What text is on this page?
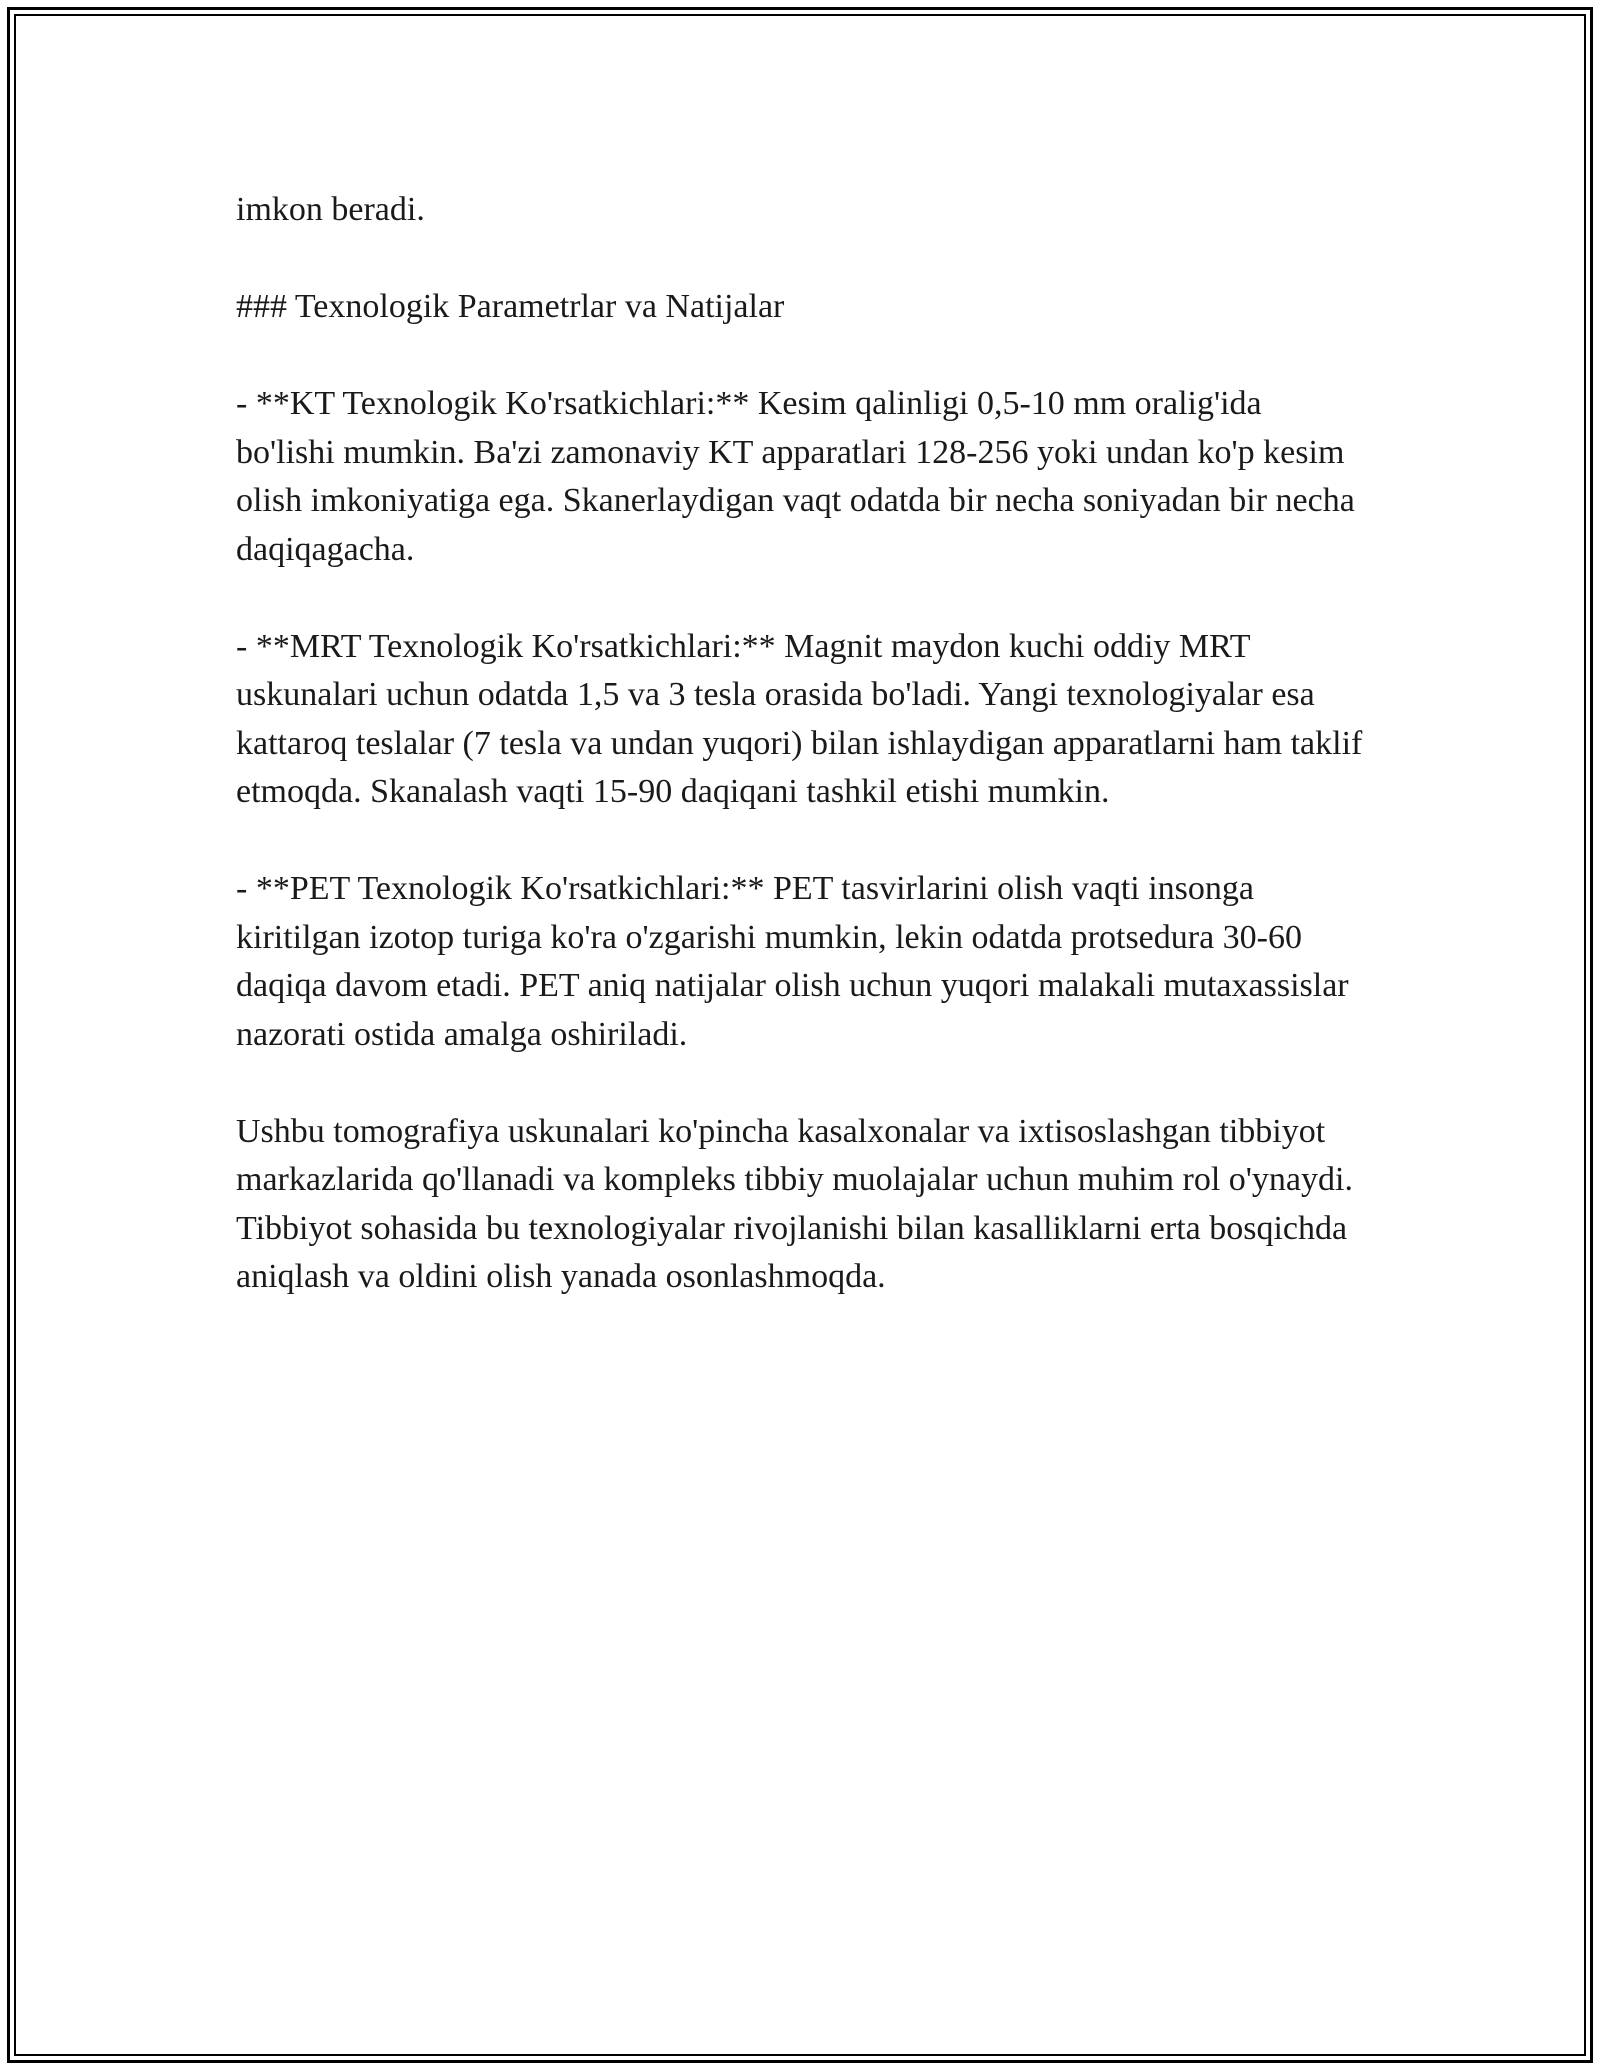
imkon beradi.

### Texnologik Parametrlar va Natijalar

- **KT Texnologik Ko'rsatkichlari:** Kesim qalinligi 0,5-10 mm oralig'ida bo'lishi mumkin. Ba'zi zamonaviy KT apparatlari 128-256 yoki undan ko'p kesim olish imkoniyatiga ega. Skanerlaydigan vaqt odatda bir necha soniyadan bir necha daqiqagacha.

- **MRT Texnologik Ko'rsatkichlari:** Magnit maydon kuchi oddiy MRT uskunalari uchun odatda 1,5 va 3 tesla orasida bo'ladi. Yangi texnologiyalar esa kattaroq teslalar (7 tesla va undan yuqori) bilan ishlaydigan apparatlarni ham taklif etmoqda. Skanalash vaqti 15-90 daqiqani tashkil etishi mumkin.

- **PET Texnologik Ko'rsatkichlari:** PET tasvirlarini olish vaqti insonga kiritilgan izotop turiga ko'ra o'zgarishi mumkin, lekin odatda protsedura 30-60 daqiqa davom etadi. PET aniq natijalar olish uchun yuqori malakali mutaxassislar nazorati ostida amalga oshiriladi.

Ushbu tomografiya uskunalari ko'pincha kasalxonalar va ixtisoslashgan tibbiyot markazlarida qo'llanadi va kompleks tibbiy muolajalar uchun muhim rol o'ynaydi. Tibbiyot sohasida bu texnologiyalar rivojlanishi bilan kasalliklarni erta bosqichda aniqlash va oldini olish yanada osonlashmoqda.
